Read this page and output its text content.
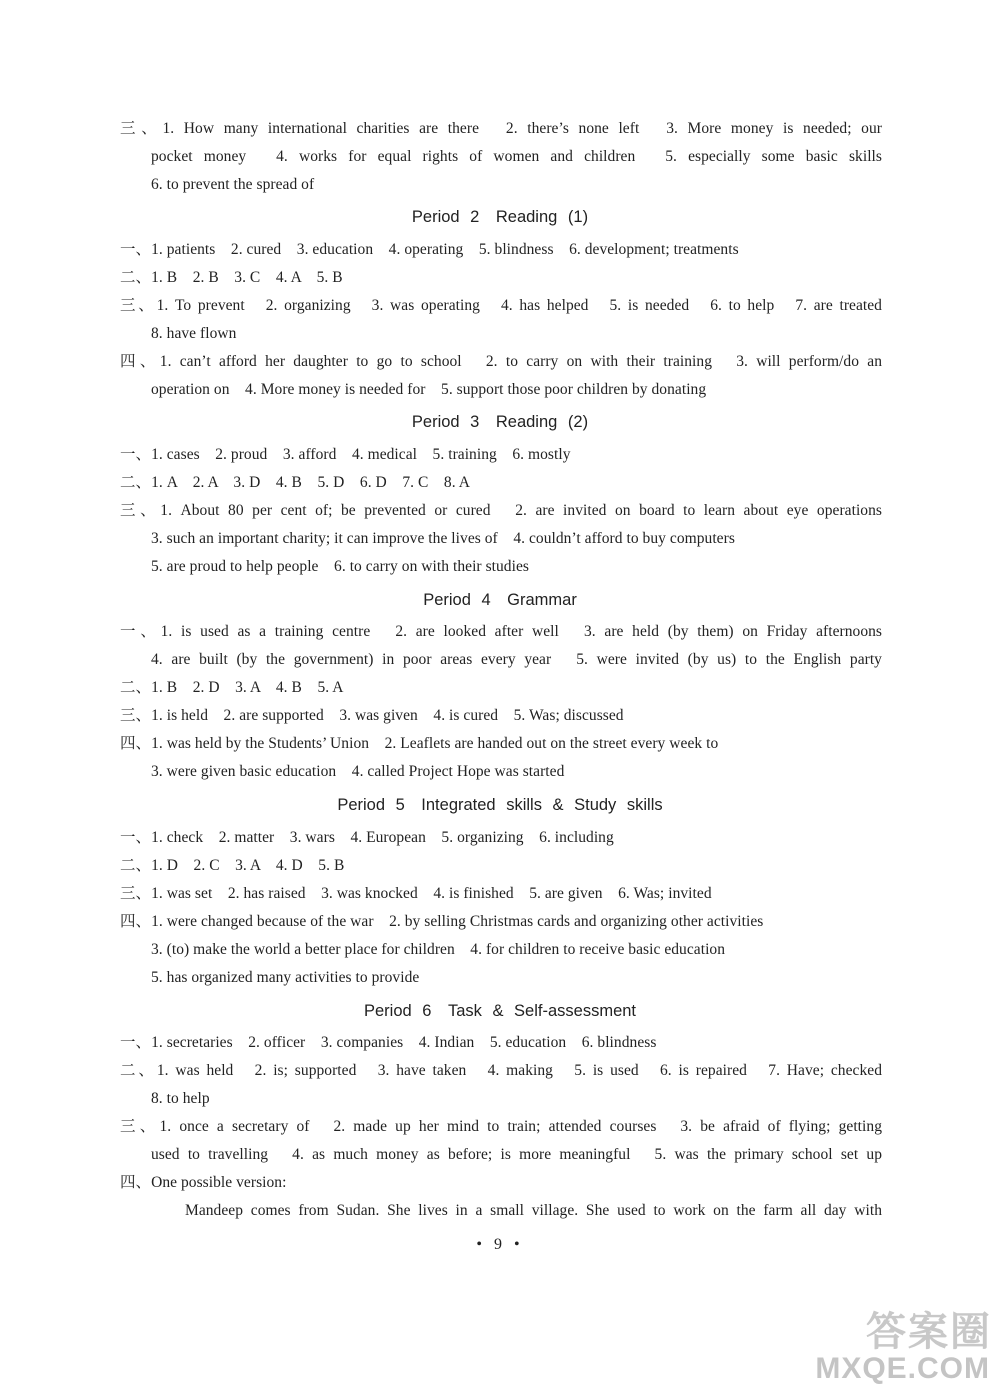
三、1. How many international charities are there　2. there’s none left　3. More money is needed; our
pocket money　4. works for equal rights of women and children　5. especially some basic skills
6. to prevent the spread of
Period 2　Reading (1)
一、1. patients　2. cured　3. education　4. operating　5. blindness　6. development; treatments
二、1. B　2. B　3. C　4. A　5. B
三、1. To prevent　2. organizing　3. was operating　4. has helped　5. is needed　6. to help　7. are treated
8. have flown
四、1. can’t afford her daughter to go to school　2. to carry on with their training　3. will perform/do an
operation on　4. More money is needed for　5. support those poor children by donating
Period 3　Reading (2)
一、1. cases　2. proud　3. afford　4. medical　5. training　6. mostly
二、1. A　2. A　3. D　4. B　5. D　6. D　7. C　8. A
三、1. About 80 per cent of; be prevented or cured　2. are invited on board to learn about eye operations
3. such an important charity; it can improve the lives of　4. couldn’t afford to buy computers
5. are proud to help people　6. to carry on with their studies
Period 4　Grammar
一、1. is used as a training centre　2. are looked after well　3. are held (by them) on Friday afternoons
4. are built (by the government) in poor areas every year　5. were invited (by us) to the English party
二、1. B　2. D　3. A　4. B　5. A
三、1. is held　2. are supported　3. was given　4. is cured　5. Was; discussed
四、1. was held by the Students’ Union　2. Leaflets are handed out on the street every week to
3. were given basic education　4. called Project Hope was started
Period 5　Integrated skills & Study skills
一、1. check　2. matter　3. wars　4. European　5. organizing　6. including
二、1. D　2. C　3. A　4. D　5. B
三、1. was set　2. has raised　3. was knocked　4. is finished　5. are given　6. Was; invited
四、1. were changed because of the war　2. by selling Christmas cards and organizing other activities
3. (to) make the world a better place for children　4. for children to receive basic education
5. has organized many activities to provide
Period 6　Task & Self-assessment
一、1. secretaries　2. officer　3. companies　4. Indian　5. education　6. blindness
二、1. was held　2. is; supported　3. have taken　4. making　5. is used　6. is repaired　7. Have; checked
8. to help
三、1. once a secretary of　2. made up her mind to train; attended courses　3. be afraid of flying; getting
used to travelling　4. as much money as before; is more meaningful　5. was the primary school set up
四、One possible version:
Mandeep comes from Sudan. She lives in a small village. She used to work on the farm all day with
• 9 •
答案圈
MXQE.COM
